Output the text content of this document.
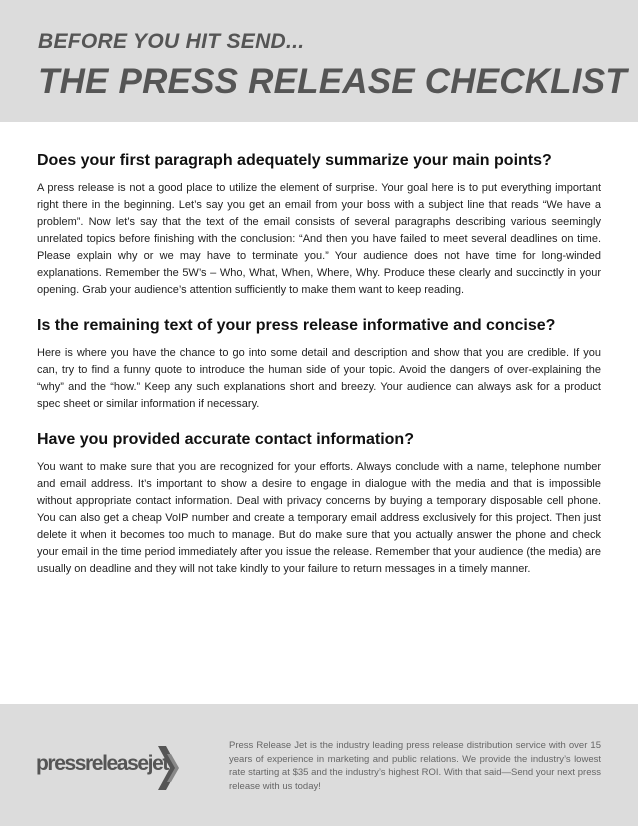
BEFORE YOU HIT SEND...
THE PRESS RELEASE CHECKLIST
Does your first paragraph adequately summarize your main points?

A press release is not a good place to utilize the element of surprise. Your goal here is to put everything important right there in the beginning. Let’s say you get an email from your boss with a subject line that reads “We have a problem”. Now let’s say that the text of the email consists of several paragraphs describing various seemingly unrelated topics before finishing with the conclusion: “And then you have failed to meet several deadlines on time. Please explain why or we may have to terminate you.” Your audience does not have time for long-winded explanations. Remember the 5W’s – Who, What, When, Where, Why. Produce these clearly and succinctly in your opening. Grab your audience’s attention sufficiently to make them want to keep reading.

Is the remaining text of your press release informative and concise?

Here is where you have the chance to go into some detail and description and show that you are credible. If you can, try to find a funny quote to introduce the human side of your topic. Avoid the dangers of over-explaining the “why” and the “how.” Keep any such explanations short and breezy. Your audience can always ask for a product spec sheet or similar information if necessary.

Have you provided accurate contact information?

You want to make sure that you are recognized for your efforts. Always conclude with a name, telephone number and email address. It’s important to show a desire to engage in dialogue with the media and that is impossible without appropriate contact information. Deal with privacy concerns by buying a temporary disposable cell phone. You can also get a cheap VoIP number and create a temporary email address exclusively for this project. Then just delete it when it becomes too much to manage. But do make sure that you actually answer the phone and check your email in the time period immediately after you issue the release. Remember that your audience (the media) are usually on deadline and they will not take kindly to your failure to return messages in a timely manner.

pressreleasejet

Press Release Jet is the industry leading press release distribution service with over 15 years of experience in marketing and public relations. We provide the industry’s lowest rate starting at $35 and the industry’s highest ROI. With that said—Send your next press release with us today!
